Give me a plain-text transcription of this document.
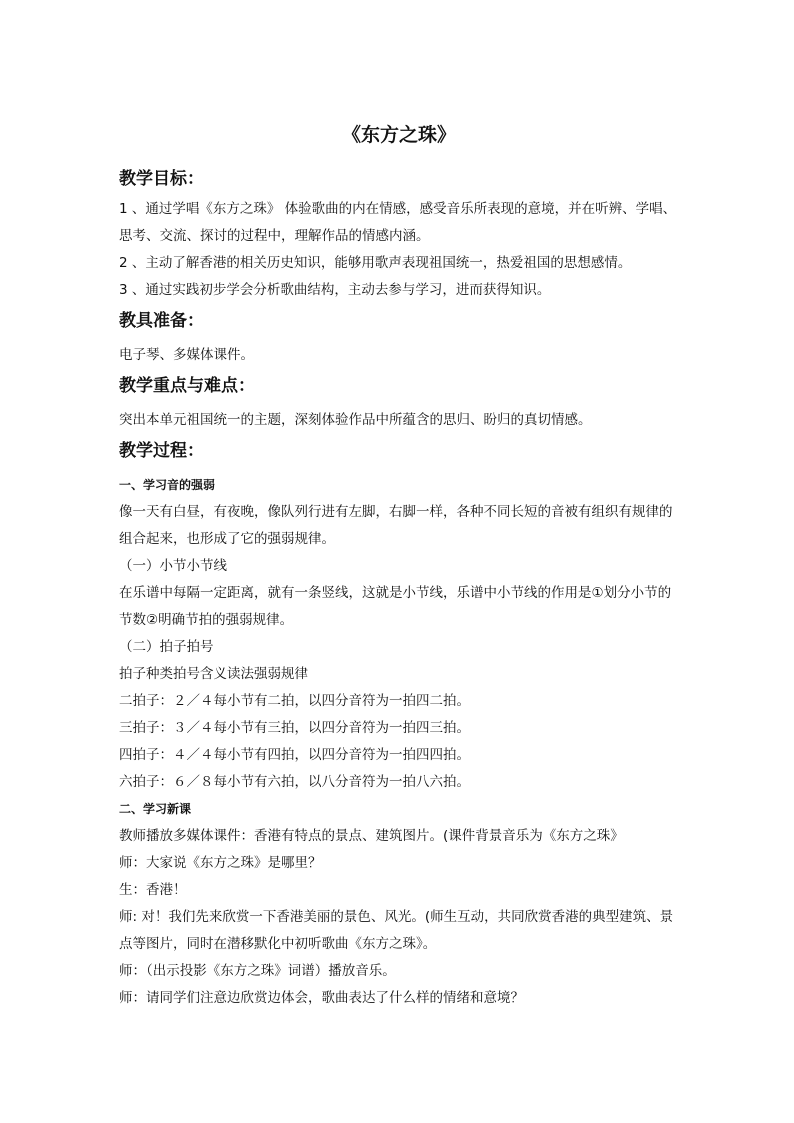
《东方之珠》
教学目标：

1 、通过学唱《东方之珠》 体验歌曲的内在情感，感受音乐所表现的意境，并在听辨、学唱、思考、交流、探讨的过程中，理解作品的情感内涵。

2 、主动了解香港的相关历史知识，能够用歌声表现祖国统一，热爱祖国的思想感情。

3 、通过实践初步学会分析歌曲结构，主动去参与学习，进而获得知识。

教具准备：

电子琴、多媒体课件。

教学重点与难点：

突出本单元祖国统一的主题，深刻体验作品中所蕴含的思归、盼归的真切情感。

教学过程：

一、学习音的强弱

像一天有白昼，有夜晚，像队列行进有左脚，右脚一样，各种不同长短的音被有组织有规律的组合起来，也形成了它的强弱规律。

（一）小节小节线

在乐谱中每隔一定距离，就有一条竖线，这就是小节线，乐谱中小节线的作用是①划分小节的节数②明确节拍的强弱规律。

（二）拍子拍号

拍子种类拍号含义读法强弱规律

二拍子：２／４每小节有二拍，以四分音符为一拍四二拍。

三拍子：３／４每小节有三拍，以四分音符为一拍四三拍。

四拍子：４／４每小节有四拍，以四分音符为一拍四四拍。

六拍子：６／８每小节有六拍，以八分音符为一拍八六拍。

二、学习新课

教师播放多媒体课件：香港有特点的景点、建筑图片。(课件背景音乐为《东方之珠》

师：大家说《东方之珠》是哪里？

生：香港！

师: 对！我们先来欣赏一下香港美丽的景色、风光。(师生互动，共同欣赏香港的典型建筑、景点等图片，同时在潜移默化中初听歌曲《东方之珠》。

师：（出示投影《东方之珠》词谱）播放音乐。

师：请同学们注意边欣赏边体会，歌曲表达了什么样的情绪和意境？
